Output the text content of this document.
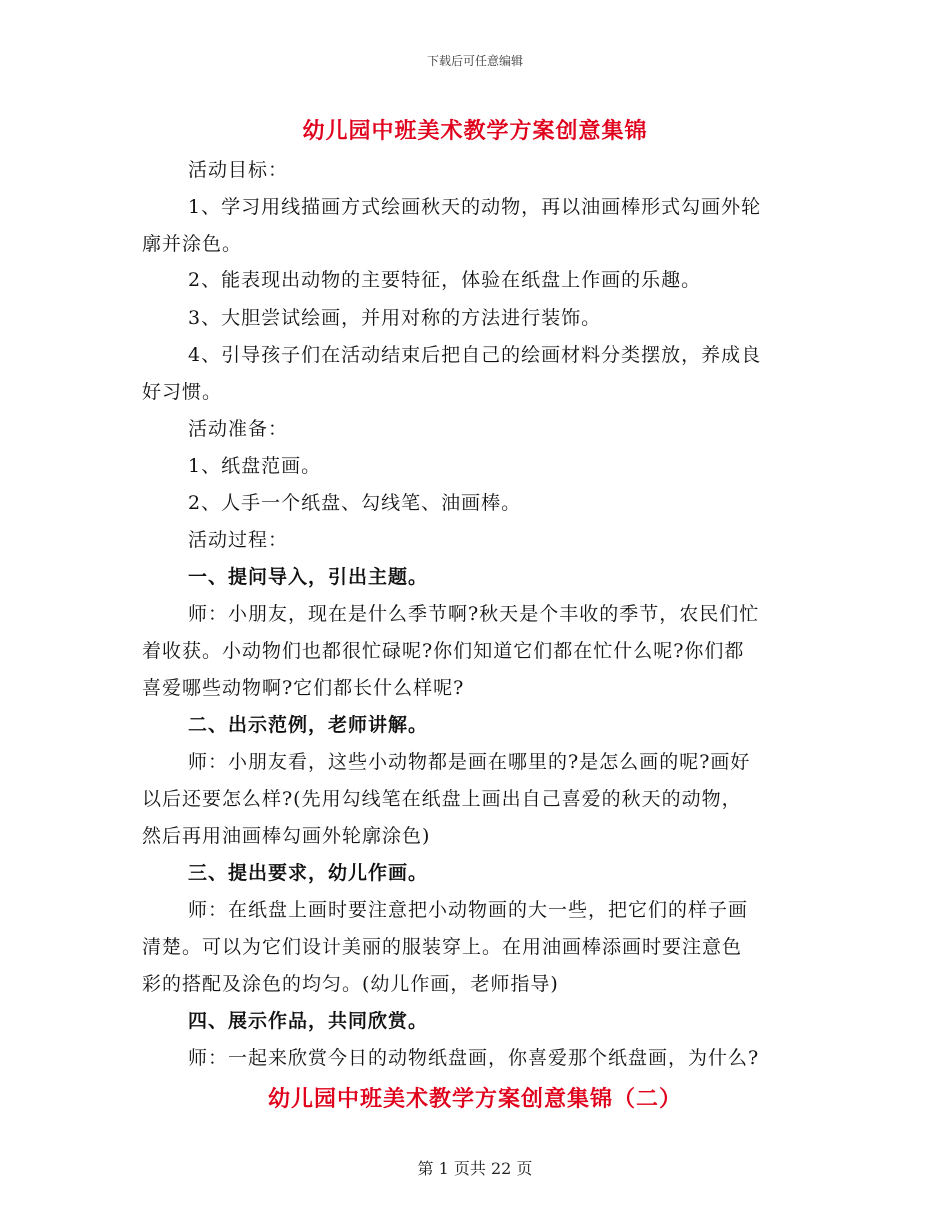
下载后可任意编辑
幼儿园中班美术教学方案创意集锦
活动目标：
1、学习用线描画方式绘画秋天的动物，再以油画棒形式勾画外轮
廓并涂色。
2、能表现出动物的主要特征，体验在纸盘上作画的乐趣。
3、大胆尝试绘画，并用对称的方法进行装饰。
4、引导孩子们在活动结束后把自己的绘画材料分类摆放，养成良
好习惯。
活动准备：
1、纸盘范画。
2、人手一个纸盘、勾线笔、油画棒。
活动过程：
一、提问导入，引出主题。
师：小朋友，现在是什么季节啊?秋天是个丰收的季节，农民们忙
着收获。小动物们也都很忙碌呢?你们知道它们都在忙什么呢?你们都
喜爱哪些动物啊?它们都长什么样呢?
二、出示范例，老师讲解。
师：小朋友看，这些小动物都是画在哪里的?是怎么画的呢?画好
以后还要怎么样?(先用勾线笔在纸盘上画出自己喜爱的秋天的动物，
然后再用油画棒勾画外轮廓涂色)
三、提出要求，幼儿作画。
师：在纸盘上画时要注意把小动物画的大一些，把它们的样子画
清楚。可以为它们设计美丽的服装穿上。在用油画棒添画时要注意色
彩的搭配及涂色的均匀。(幼儿作画，老师指导)
四、展示作品，共同欣赏。
师：一起来欣赏今日的动物纸盘画，你喜爱那个纸盘画，为什么?
幼儿园中班美术教学方案创意集锦（二）
第 1 页共 22 页
